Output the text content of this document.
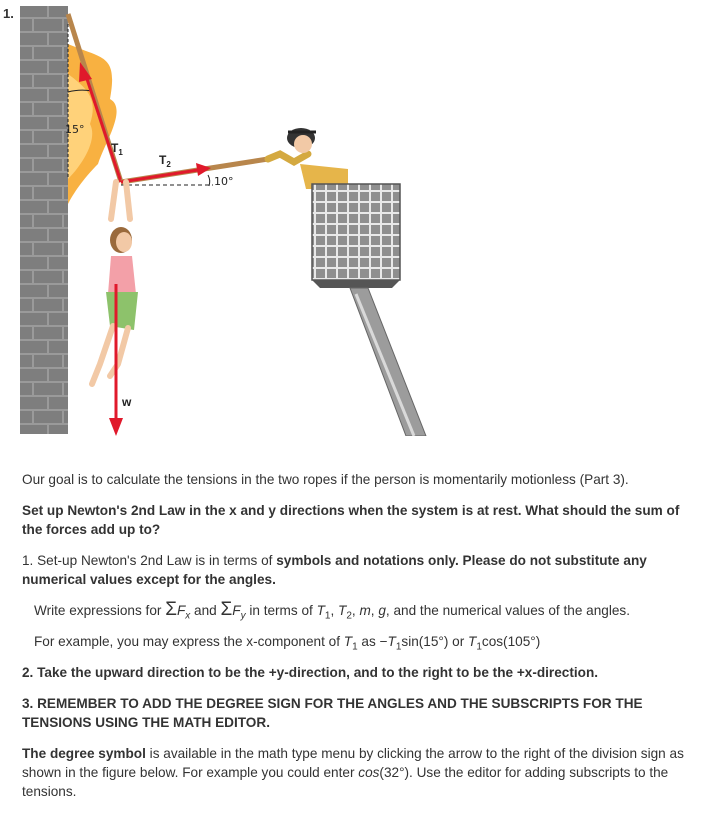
1.
15°
$T_1$
$T_2$
10°
w

Our goal is to calculate the tensions in the two ropes if the person is momentarily motionless (Part 3).

Set up Newton's 2nd Law in the x and y directions when the system is at rest. What should the sum of the forces add up to?

1. Set-up Newton's 2nd Law is in terms of symbols and notations only. Please do not substitute any numerical values except for the angles.

Write expressions for $\Sigma F_x$ and $\Sigma F_y$ in terms of $T_1$, $T_2$, m, g, and the numerical values of the angles.

For example, you may express the x-component of $T_1$ as $-T_1\sin(15^\circ)$ or $T_1\cos(105^\circ)$

2. Take the upward direction to be the +y-direction, and to the right to be the +x-direction.

3. REMEMBER TO ADD THE DEGREE SIGN FOR THE ANGLES AND THE SUBSCRIPTS FOR THE TENSIONS USING THE MATH EDITOR.

The degree symbol is available in the math type menu by clicking the arrow to the right of the division sign as shown in the figure below. For example you could enter cos(32°). Use the editor for adding subscripts to the tensions.
